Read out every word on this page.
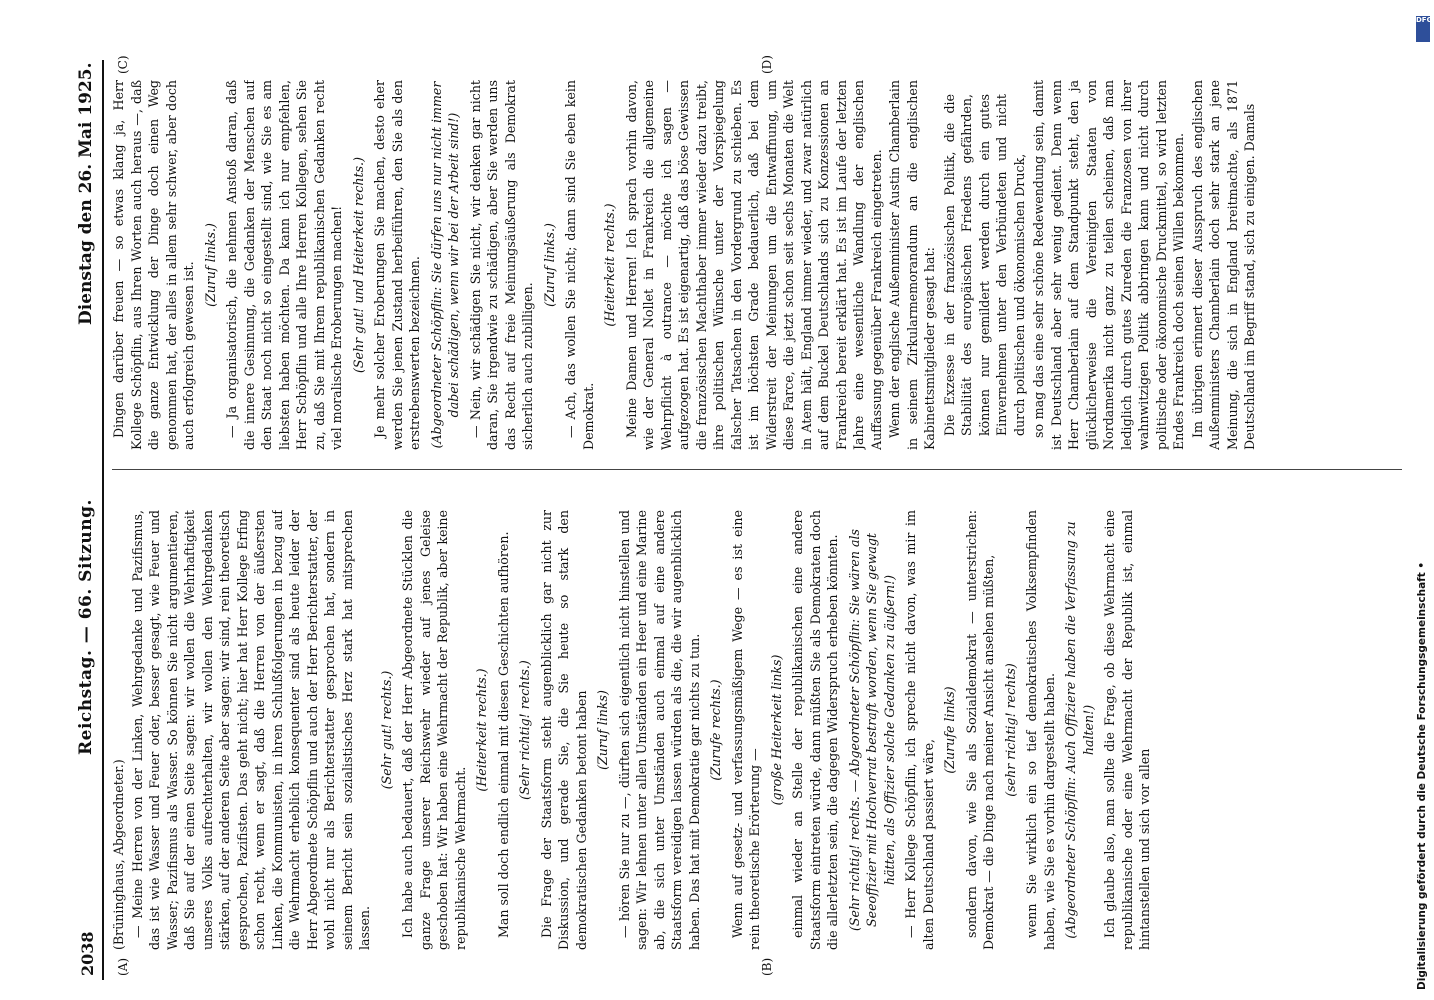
2038
Reichstag. — 66. Sitzung.
Dienstag den 26. Mai 1925.
(A)	(B)
(C)	(D)

(Brüninghaus, Abgeordneter.) — Meine Herren von der Linken, Wehrgedanke und Pazifismus, das ist wie Wasser und Feuer oder, besser gesagt, wie Feuer und Wasser; Pazifismus als Wasser. So können Sie nicht argumentieren, daß Sie auf der einen Seite sagen: wir wollen die Wehrhaftigkeit unseres Volks aufrechterhalten, wir wollen den Wehrgedanken stärken, auf der anderen Seite aber sagen: wir sind, rein theoretisch gesprochen, Pazifisten. Das geht nicht; hier hat Herr Kollege Erfing schon recht, wenn er sagt, daß die Herren von der äußersten Linken, die Kommunisten, in ihren Schlußfolgerungen in bezug auf die Wehrmacht erheblich konsequenter sind als heute leider der Herr Abgeordnete Schöpflin und auch der Herr Berichterstatter, der wohl nicht nur als Berichterstatter gesprochen hat, sondern in seinem Bericht sein sozialistisches Herz stark hat mitsprechen lassen.

(Sehr gut! rechts.) Ich habe auch bedauert, daß der Herr Abgeordnete Stücklen die ganze Frage unserer Reichswehr wieder auf jenes Geleise geschoben hat: Wir haben eine Wehrmacht der Republik, aber keine republikanische Wehrmacht.

(Heiterkeit rechts.) Man soll doch endlich einmal mit diesen Geschichten aufhören. (Sehr richtig! rechts.) Die Frage der Staatsform steht augenblicklich gar nicht zur Diskussion, und gerade Sie, die Sie heute so stark den demokratischen Gedanken betont haben (Zuruf links) — hören Sie nur zu —, dürften sich eigentlich nicht hinstellen und sagen: Wir lehnen unter allen Umständen ein Heer und eine Marine ab, die sich unter Umständen auch einmal auf eine andere Staatsform vereidigen lassen würden als die, die wir augenblicklich haben. Das hat mit Demokratie gar nichts zu tun. (Zurufe rechts.) Wenn auf gesetz- und verfassungsmäßigem Wege — es ist eine rein theoretische Erörterung —

(große Heiterkeit links) einmal wieder an Stelle der republikanischen eine andere Staatsform eintreten würde, dann müßten Sie als Demokraten doch die allerletzten sein, die dagegen Widerspruch erheben könnten. (Sehr richtig! rechts. — Abgeordneter Schöpflin: Sie wären als Seeoffizier mit Hochverrat bestraft worden, wenn Sie gewagt hätten, als Offizier solche Gedanken zu äußern!) — Herr Kollege Schöpflin, ich spreche nicht davon, was mir im alten Deutschland passiert wäre,

(Zurufe links) sondern davon, wie Sie als Sozialdemokrat — unterstrichen: Demokrat — die Dinge nach meiner Ansicht ansehen müßten, (sehr richtig! rechts) wenn Sie wirklich ein so tief demokratisches Volksempfinden haben, wie Sie es vorhin dargestellt haben. (Abgeordneter Schöpflin: Auch Offiziere haben die Verfassung zu halten!) Ich glaube also, man sollte die Frage, ob diese Wehrmacht eine republikanische oder eine Wehrmacht der Republik ist, einmal hintanstellen und sich vor allen

Dingen darüber freuen — so etwas klang ja, Herr Kollege Schöpflin, aus Ihren Worten auch heraus —, daß die ganze Entwicklung der Dinge doch einen Weg genommen hat, der alles in allem sehr schwer, aber doch auch erfolgreich gewesen ist. (Zuruf links.) — Ja organisatorisch, die nehmen Anstoß daran, daß die innere Gesinnung, die Gedanken der Menschen auf den Staat noch nicht so eingestellt sind, wie Sie es am liebsten haben möchten. Da kann ich nur empfehlen, Herr Schöpflin und alle Ihre Herren Kollegen, sehen Sie zu, daß Sie mit Ihrem republikanischen Gedanken recht viel moralische Eroberungen machen! (Sehr gut! und Heiterkeit rechts.) Je mehr solcher Eroberungen Sie machen, desto eher werden Sie jenen Zustand herbeiführen, den Sie als den erstrebenswerten bezeichnen. (Abgeordneter Schöpflin: Sie dürfen uns nur nicht immer dabei schädigen, wenn wir bei der Arbeit sind!) — Nein, wir schädigen Sie nicht, wir denken gar nicht daran, Sie irgendwie zu schädigen, aber Sie werden uns das Recht auf freie Meinungsäußerung als Demokrat sicherlich auch zubilligen.

(Zuruf links.) — Ach, das wollen Sie nicht; dann sind Sie eben kein Demokrat.

(Heiterkeit rechts.) Meine Damen und Herren! Ich sprach vorhin davon, wie der General Nollet in Frankreich die allgemeine Wehrpflicht à outrance — möchte ich sagen — aufgezogen hat. Es ist eigenartig, daß das böse Gewissen die französischen Machthaber immer wieder dazu treibt, ihre politischen Wünsche unter der Vorspiegelung falscher Tatsachen in den Vordergrund zu schieben. Es ist im höchsten Grade bedauerlich, daß bei dem Widerstreit der Meinungen um die Entwaffnung, um diese Farce, die jetzt schon seit sechs Monaten die Welt in Atem hält, England immer wieder, und zwar natürlich auf dem Buckel Deutschlands sich zu Konzessionen an Frankreich bereit erklärt hat. Es ist im Laufe der letzten Jahre eine wesentliche Wandlung der englischen Auffassung gegenüber Frankreich eingetreten. Wenn der englische Außenminister Austin Chamberlain in seinem Zirkularmemorandum an die englischen Kabinettsmitglieder gesagt hat: Die Exzesse in der französischen Politik, die die Stabilität des europäischen Friedens gefährden, können nur gemildert werden durch ein gutes Einvernehmen unter den Verbündeten und nicht durch politischen und ökonomischen Druck, so mag das eine sehr schöne Redewendung sein, damit ist Deutschland aber sehr wenig gedient. Denn wenn Herr Chamberlain auf dem Standpunkt steht, den ja glücklicherweise die Vereinigten Staaten von Nordamerika nicht ganz zu teilen scheinen, daß man lediglich durch gutes Zureden die Franzosen von ihrer wahnwitzigen Politik abbringen kann und nicht durch politische oder ökonomische Druckmittel, so wird letzten Endes Frankreich doch seinen Willen bekommen. Im übrigen erinnert dieser Ausspruch des englischen Außenministers Chamberlain doch sehr stark an jene Meinung, die sich in England breitmachte, als 1871 Deutschland im Begriff stand, sich zu einigen. Damals

DFG
Digitalisierung gefördert durch die Deutsche Forschungsgemeinschaft •
